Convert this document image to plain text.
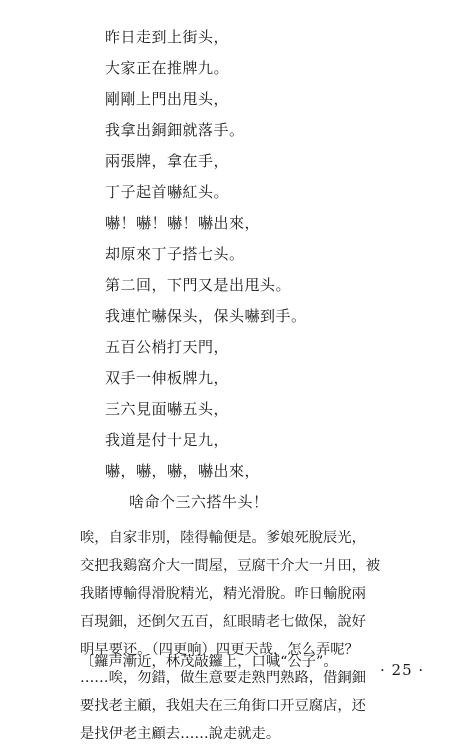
昨日走到上街头，
大家正在推牌九。
剛剛上門出甩头，
我拿出銅鈿就落手。
兩張牌，拿在手，
丁子起首嚇紅头。
嚇！嚇！嚇！嚇出來，
却原來丁子搭七头。
第二回，下門又是出甩头。
我連忙嚇保头，保头嚇到手。
五百公梢打天門，
双手一伸板牌九，
三六見面嚇五头，
我道是付十足九，
嚇，嚇，嚇，嚇出來，
啥命个三六搭牛头！
唉，自家非別，陸得輸便是。爹娘死脫辰光，
交把我鷄窩介大一間屋，豆腐干介大一爿田，被
我賭博輸得滑脫精光，精光滑脫。昨日輸脫兩
百現鈿，还倒欠五百，紅眼睛老七做保，說好
明早要还。（四更响）四更天哉，怎么弄呢？
……唉，勿錯，做生意要走熟門熟路，借銅鈿
要找老主顧，我姐夫在三角街口开豆腐店，还
是找伊老主顧去……說走就走。
〔鑼声漸近，林茂敲鑼上，口喊“公子”。	· 25 ·
